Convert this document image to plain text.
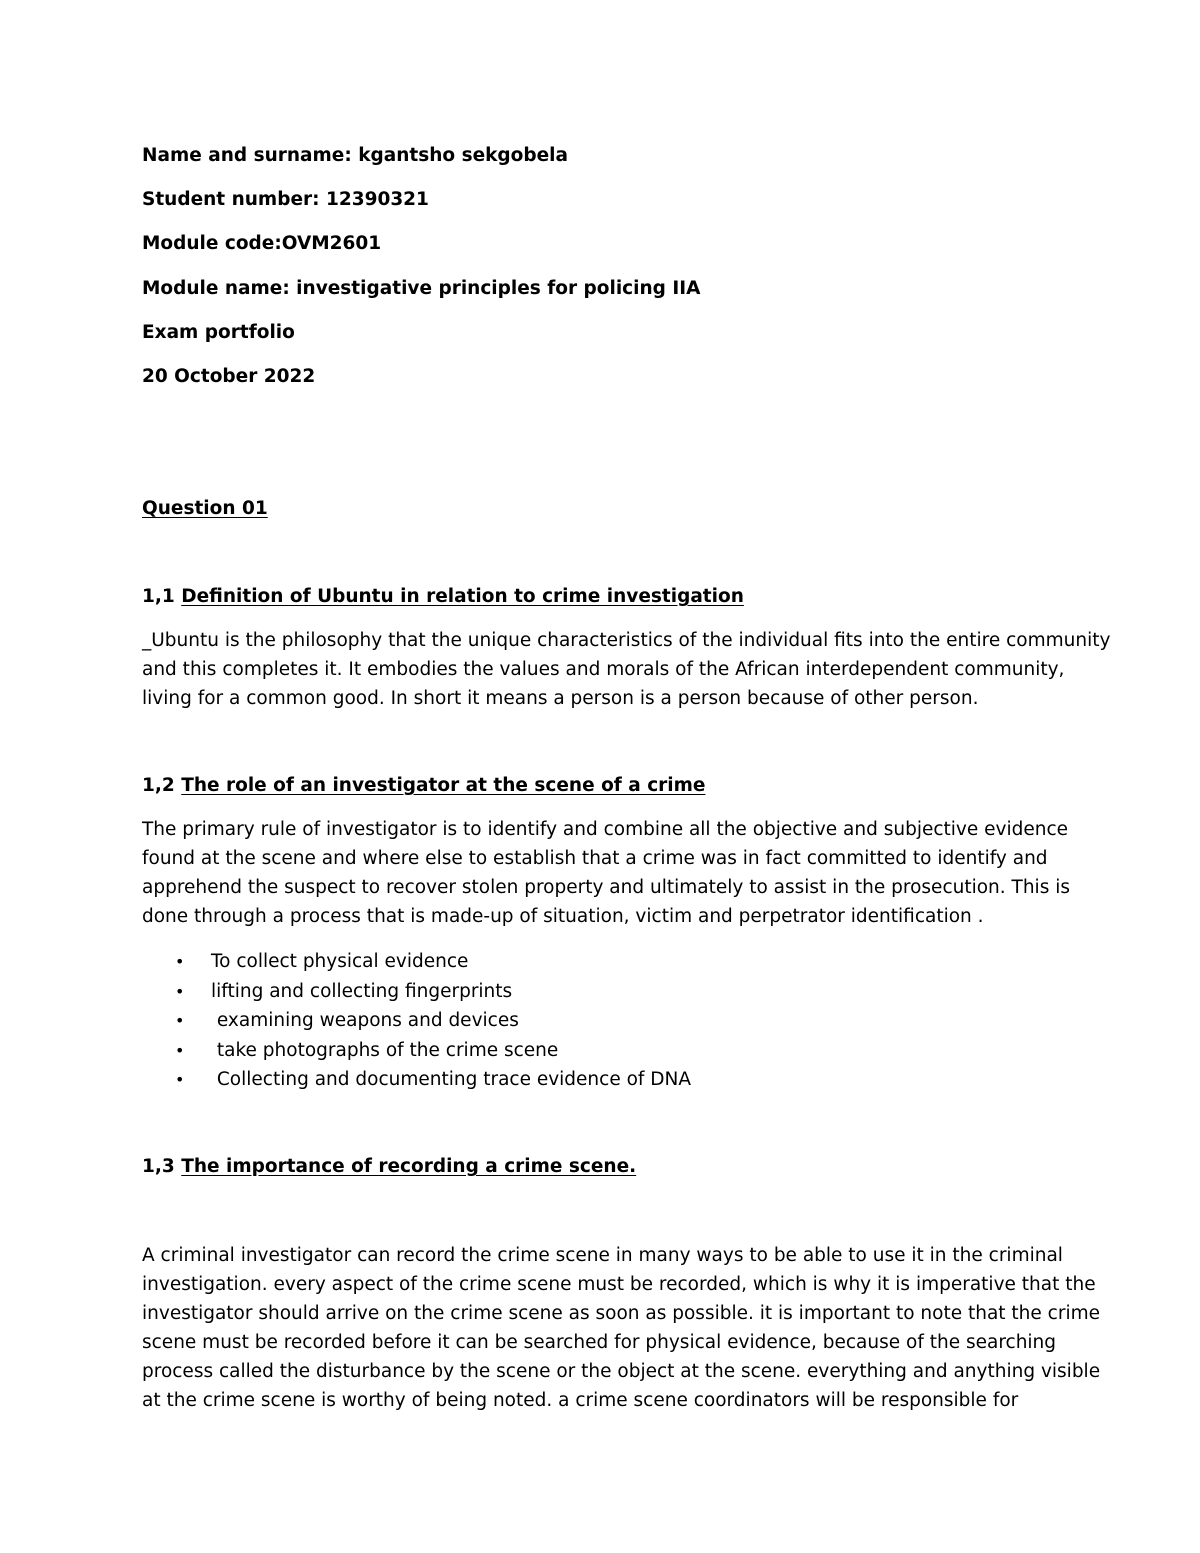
Name and surname: kgantsho sekgobela
Student number: 12390321
Module code:OVM2601
Module name: investigative principles for policing IIA
Exam portfolio
20 October 2022
Question 01
1,1 Definition of Ubuntu in relation to crime investigation
_Ubuntu is the philosophy that the unique characteristics of the individual fits into the entire community
and this completes it. It embodies the values and morals of the African interdependent community,
living for a common good. In short it means a person is a person because of other person.
1,2 The role of an investigator at the scene of a crime
The primary rule of investigator is to identify and combine all the objective and subjective evidence
found at the scene and where else to establish that a crime was in fact committed to identify and
apprehend the suspect to recover stolen property and ultimately to assist in the prosecution. This is
done through a process that is made-up of situation, victim and perpetrator identification .
• To collect physical evidence
• lifting and collecting fingerprints
• examining weapons and devices
• take photographs of the crime scene
• Collecting and documenting trace evidence of DNA
1,3 The importance of recording a crime scene.
A criminal investigator can record the crime scene in many ways to be able to use it in the criminal
investigation. every aspect of the crime scene must be recorded, which is why it is imperative that the
investigator should arrive on the crime scene as soon as possible. it is important to note that the crime
scene must be recorded before it can be searched for physical evidence, because of the searching
process called the disturbance by the scene or the object at the scene. everything and anything visible
at the crime scene is worthy of being noted. a crime scene coordinators will be responsible for
